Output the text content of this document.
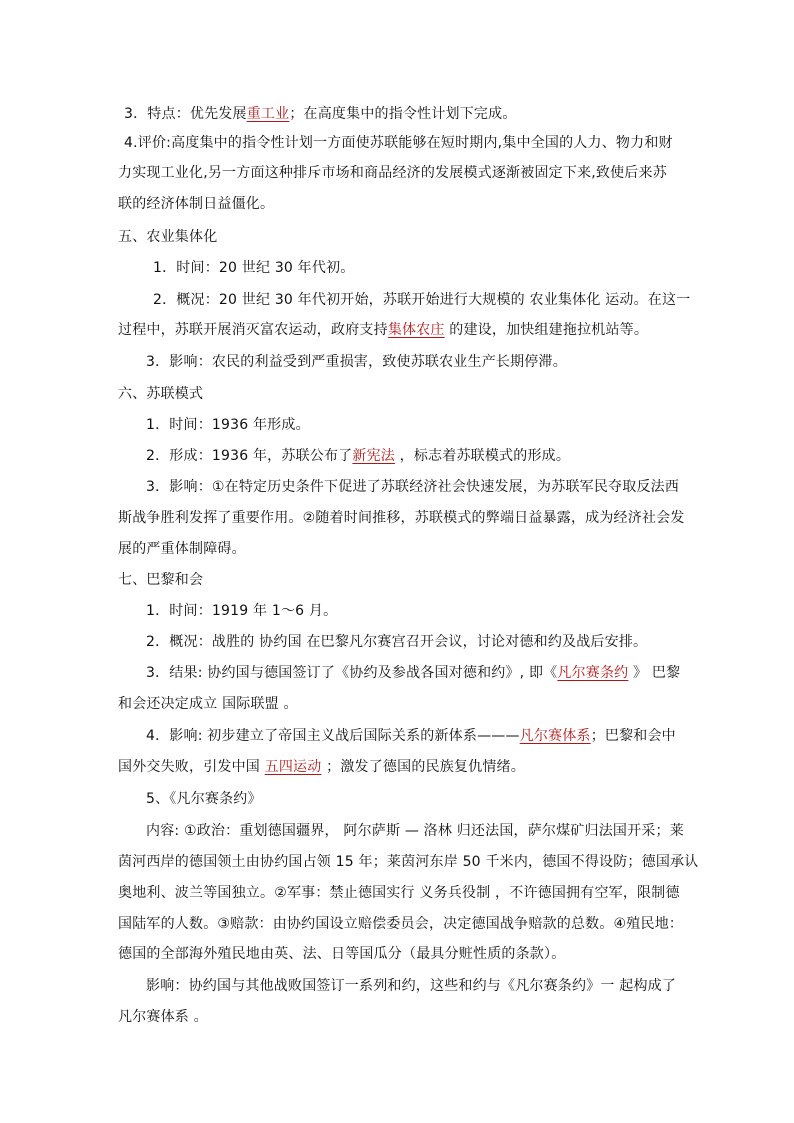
3．特点：优先发展重工业；在高度集中的指令性计划下完成。
4.评价:高度集中的指令性计划一方面使苏联能够在短时期内,集中全国的人力、物力和财
力实现工业化,另一方面这种排斥市场和商品经济的发展模式逐渐被固定下来,致使后来苏
联的经济体制日益僵化。
五、农业集体化
1．时间：20 世纪 30 年代初。
2．概况：20 世纪 30 年代初开始，苏联开始进行大规模的 农业集体化 运动。在这一
过程中，苏联开展消灭富农运动，政府支持集体农庄 的建设，加快组建拖拉机站等。
3．影响：农民的利益受到严重损害，致使苏联农业生产长期停滞。
六、苏联模式
1．时间：1936 年形成。
2．形成：1936 年，苏联公布了新宪法 ，标志着苏联模式的形成。
3．影响：①在特定历史条件下促进了苏联经济社会快速发展，为苏联军民夺取反法西
斯战争胜利发挥了重要作用。②随着时间推移，苏联模式的弊端日益暴露，成为经济社会发
展的严重体制障碍。
七、巴黎和会
1．时间：1919 年 1～6 月。
2．概况：战胜的 协约国 在巴黎凡尔赛宫召开会议，讨论对德和约及战后安排。
3．结果: 协约国与德国签订了《协约及参战各国对德和约》, 即《凡尔赛条约 》 巴黎
和会还决定成立 国际联盟 。
4．影响: 初步建立了帝国主义战后国际关系的新体系———凡尔赛体系；巴黎和会中
国外交失败，引发中国 五四运动 ；激发了德国的民族复仇情绪。
5、《凡尔赛条约》
内容: ①政治：重划德国疆界， 阿尔萨斯 — 洛林 归还法国，萨尔煤矿归法国开采；莱
茵河西岸的德国领土由协约国占领 15 年；莱茵河东岸 50 千米内，德国不得设防；德国承认
奥地利、波兰等国独立。②军事：禁止德国实行 义务兵役制 ，不许德国拥有空军，限制德
国陆军的人数。③赔款：由协约国设立赔偿委员会，决定德国战争赔款的总数。④殖民地：
德国的全部海外殖民地由英、法、日等国瓜分（最具分赃性质的条款）。
影响：协约国与其他战败国签订一系列和约，这些和约与《凡尔赛条约》一 起构成了
凡尔赛体系 。
